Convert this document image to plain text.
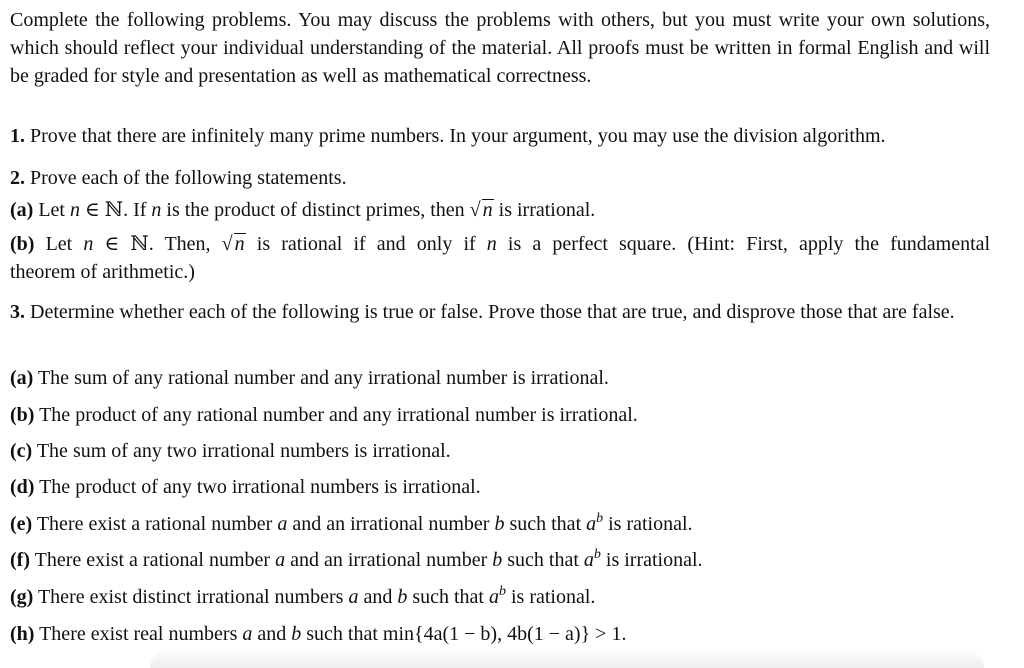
Complete the following problems. You may discuss the problems with others, but you must write your own solutions, which should reflect your individual understanding of the material. All proofs must be written in formal English and will be graded for style and presentation as well as mathematical correctness.

1. Prove that there are infinitely many prime numbers. In your argument, you may use the division algorithm.

2. Prove each of the following statements.

(a) Let n ∈ ℕ. If n is the product of distinct primes, then √ n is irrational.

(b) Let n ∈ ℕ. Then, √ n is rational if and only if n is a perfect square. (Hint: First, apply the fundamental

theorem of arithmetic.)

3. Determine whether each of the following is true or false. Prove those that are true, and disprove those that are false.

(a) The sum of any rational number and any irrational number is irrational.

(b) The product of any rational number and any irrational number is irrational.

(c) The sum of any two irrational numbers is irrational.

(d) The product of any two irrational numbers is irrational.

(e) There exist a rational number a and an irrational number b such that $a^b$ is rational.

(f) There exist a rational number a and an irrational number b such that $a^b$ is irrational.

(g) There exist distinct irrational numbers a and b such that $a^b$ is rational.

(h) There exist real numbers a and b such that min{4a(1 − b), 4b(1 − a)} > 1.
